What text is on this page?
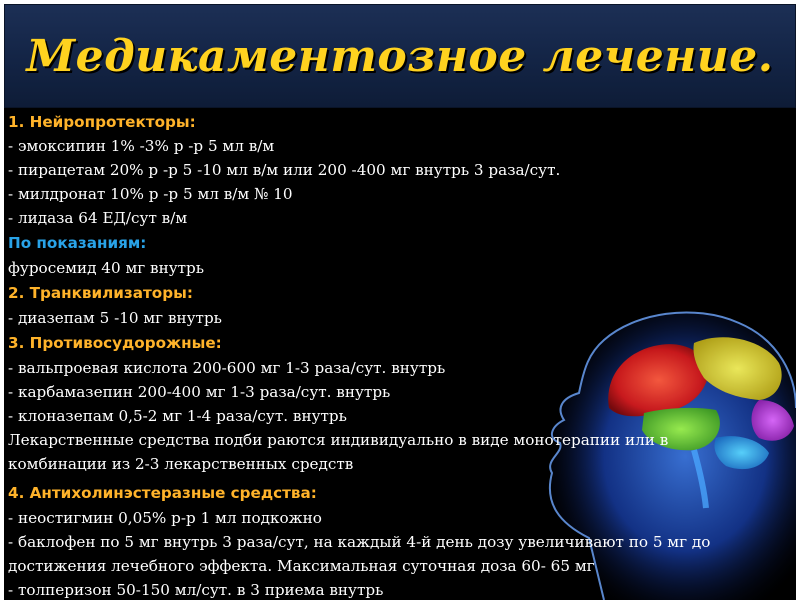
Медикаментозное лечение.
1. Нейропротекторы:
- эмоксипин 1% -3% р -р 5 мл в/м
- пирацетам 20% р -р 5 -10 мл в/м или 200 -400 мг внутрь 3 раза/сут.
- милдронат 10% р -р 5 мл в/м № 10
- лидаза 64 ЕД/сут в/м
По показаниям:
фуросемид 40 мг внутрь
2. Транквилизаторы:
- диазепам 5 -10 мг внутрь
3. Противосудорожные:
- вальпроевая кислота 200-600 мг 1-3 раза/сут. внутрь
- карбамазепин 200-400 мг 1-3 раза/сут. внутрь
- клоназепам 0,5-2 мг 1-4 раза/сут. внутрь
Лекарственные средства подби раются индивидуально в виде монотерапии или в
комбинации из 2-3 лекарственных средств
4. Антихолинэстеразные средства:
- неостигмин 0,05% р-р 1 мл подкожно
- баклофен по 5 мг внутрь 3 раза/сут, на каждый 4-й день дозу увеличивают по 5 мг до
достижения лечебного эффекта. Максимальная суточная доза 60- 65 мг
- толперизон 50-150 мл/сут. в 3 приема внутрь
